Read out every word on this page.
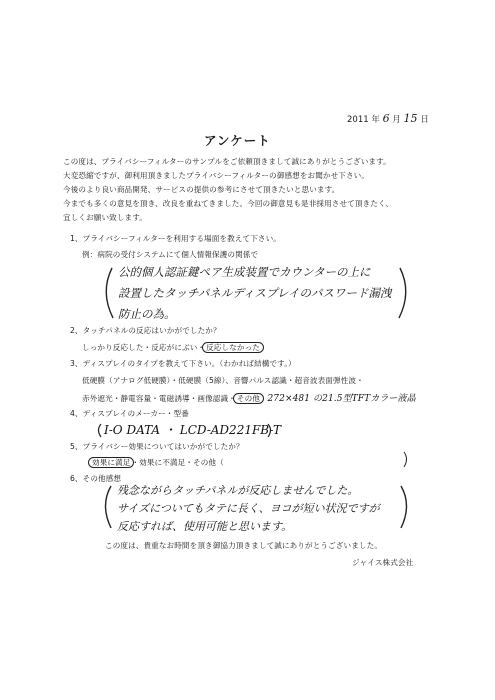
2011 年 6 月 15 日
アンケート
この度は、プライバシーフィルターのサンプルをご依頼頂きまして誠にありがとうございます。
大変恐縮ですが、御利用頂きましたプライバシーフィルターの御感想をお聞かせ下さい。
今後のより良い商品開発、サービスの提供の参考にさせて頂きたいと思います。
今までも多くの意見を頂き、改良を重ねてきました。今回の御意見も是非採用させて頂きたく、
宜しくお願い致します。
1、プライバシーフィルターを利用する場面を教えて下さい。
例：病院の受付システムにて個人情報保護の関係で
公的個人認証鍵ペア生成装置でカウンターの上に
設置したタッチパネルディスプレイのパスワード漏洩
防止の為。
2、タッチパネルの反応はいかがでしたか？
しっかり反応した・反応がにぶい・反応しなかった
3、ディスプレイのタイプを教えて下さい。（わかれば結構です。）
低硬膜（アナログ低硬膜）・低硬膜（5線）、音響パルス認識・超音波表面弾性波・
赤外遮光・静電容量・電磁誘導・画像認識・その他 272×481 の21.5型TFTカラー液晶
4、ディスプレイのメーカー・型番
I-O DATA ・ LCD-AD221FB-T
5、プライバシー効果についてはいかがでしたか？
効果に満足・効果に不満足・その他（
6、その他感想
残念ながらタッチパネルが反応しませんでした。
サイズについてもタテに長く、ヨコが短い状況ですが
反応すれば、使用可能と思います。
この度は、貴重なお時間を頂き御協力頂きまして誠にありがとうございました。
ジャイス株式会社
